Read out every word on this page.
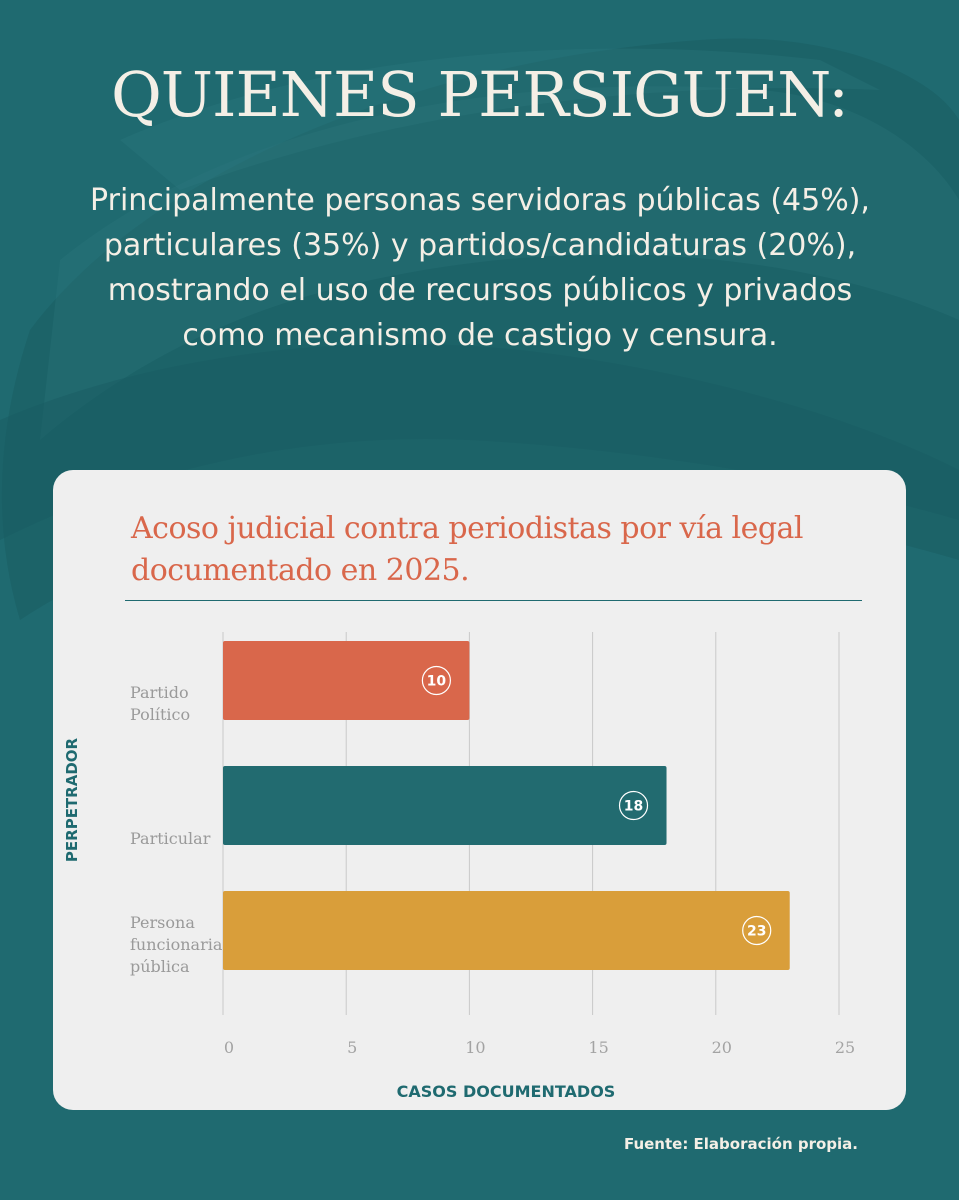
QUIENES PERSIGUEN:

Principalmente personas servidoras públicas (45%), particulares (35%) y partidos/candidaturas (20%), mostrando el uso de recursos públicos y privados como mecanismo de castigo y censura.

Acoso judicial contra periodistas por vía legal documentado en 2025.
0	5	10	15	20	25
10
Partido
Político
18
Particular
23
Persona
funcionaria
pública
CASOS DOCUMENTADOS
PERPETRADOR
Fuente: Elaboración propia.
